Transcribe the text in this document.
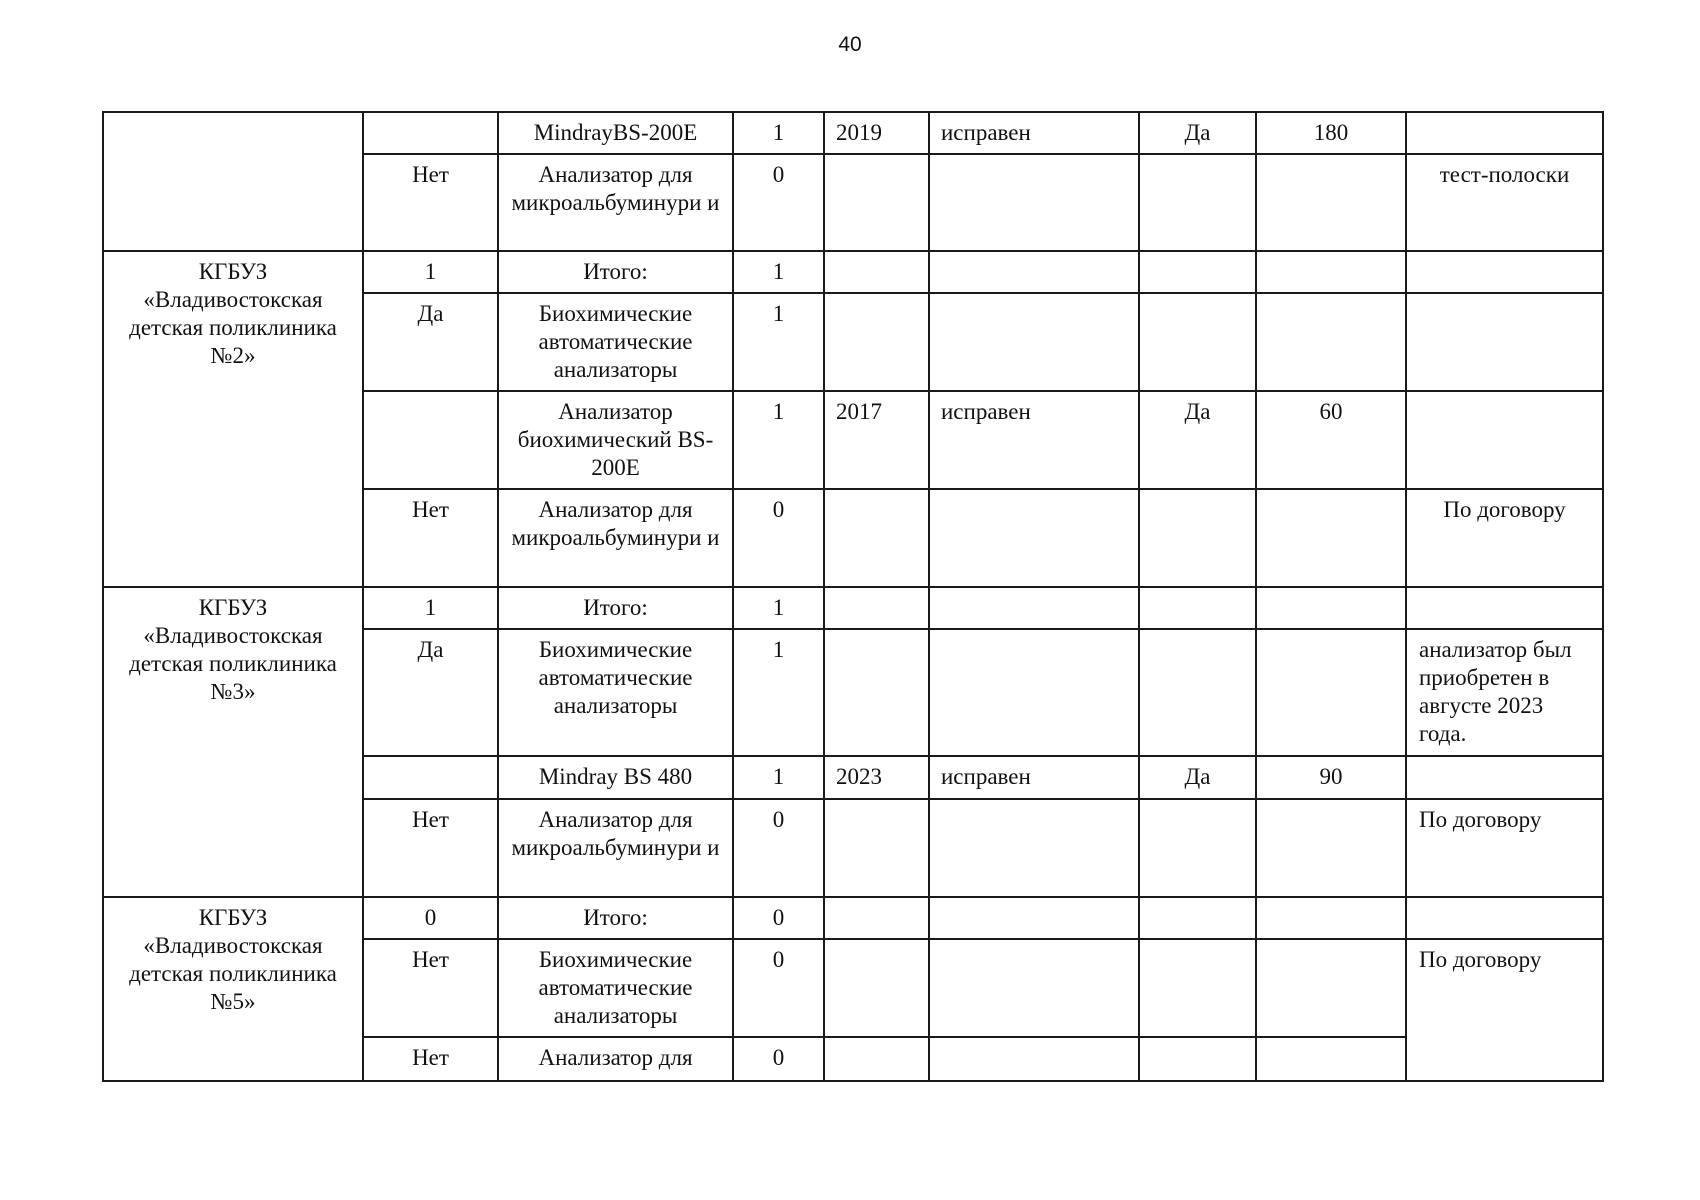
40
		MindrayBS-200E	1	2019	исправен	Да	180	
	Нет	Анализатор для микроальбуминури и	0					тест-полоски
КГБУЗ «Владивостокская детская поликлиника №2»	1	Итого:	1					
	Да	Биохимические автоматические анализаторы	1					
		Анализатор биохимический BS-200E	1	2017	исправен	Да	60	
	Нет	Анализатор для микроальбуминури и	0					По договору
КГБУЗ «Владивостокская детская поликлиника №3»	1	Итого:	1					
	Да	Биохимические автоматические анализаторы	1					анализатор был приобретен в августе 2023 года.
		Mindray BS 480	1	2023	исправен	Да	90	
	Нет	Анализатор для микроальбуминури и	0					По договору
КГБУЗ «Владивостокская детская поликлиника №5»	0	Итого:	0					
	Нет	Биохимические автоматические анализаторы	0					По договору
	Нет	Анализатор для	0					
